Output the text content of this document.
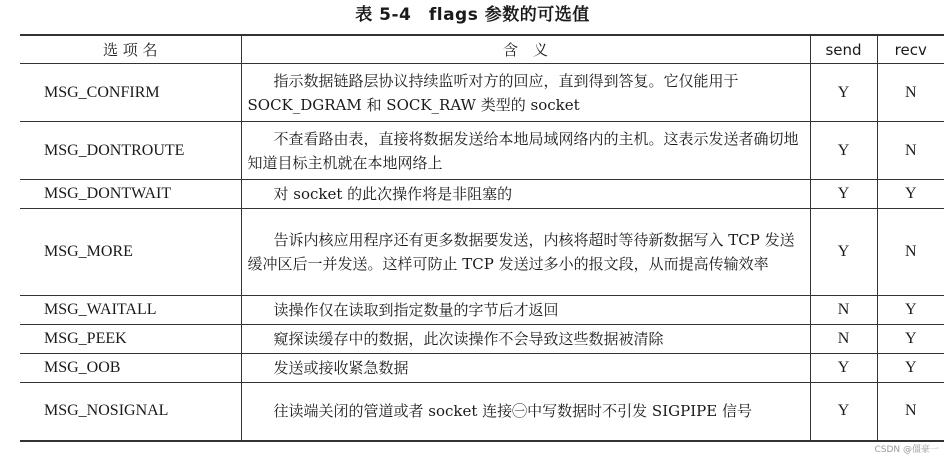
表 5-4　flags 参数的可选值
选 项 名	含　义	send	recv
MSG_CONFIRM	指示数据链路层协议持续监听对方的回应，直到得到答复。它仅能用于 SOCK_DGRAM 和 SOCK_RAW 类型的 socket	Y	N
MSG_DONTROUTE	不查看路由表，直接将数据发送给本地局域网络内的主机。这表示发送者确切地知道目标主机就在本地网络上	Y	N
MSG_DONTWAIT	对 socket 的此次操作将是非阻塞的	Y	Y
MSG_MORE	告诉内核应用程序还有更多数据要发送，内核将超时等待新数据写入 TCP 发送缓冲区后一并发送。这样可防止 TCP 发送过多小的报文段，从而提高传输效率	Y	N
MSG_WAITALL	读操作仅在读取到指定数量的字节后才返回	N	Y
MSG_PEEK	窥探读缓存中的数据，此次读操作不会导致这些数据被清除	N	Y
MSG_OOB	发送或接收紧急数据	Y	Y
MSG_NOSIGNAL	往读端关闭的管道或者 socket 连接㊀中写数据时不引发 SIGPIPE 信号	Y	N
CSDN @僵豪一
